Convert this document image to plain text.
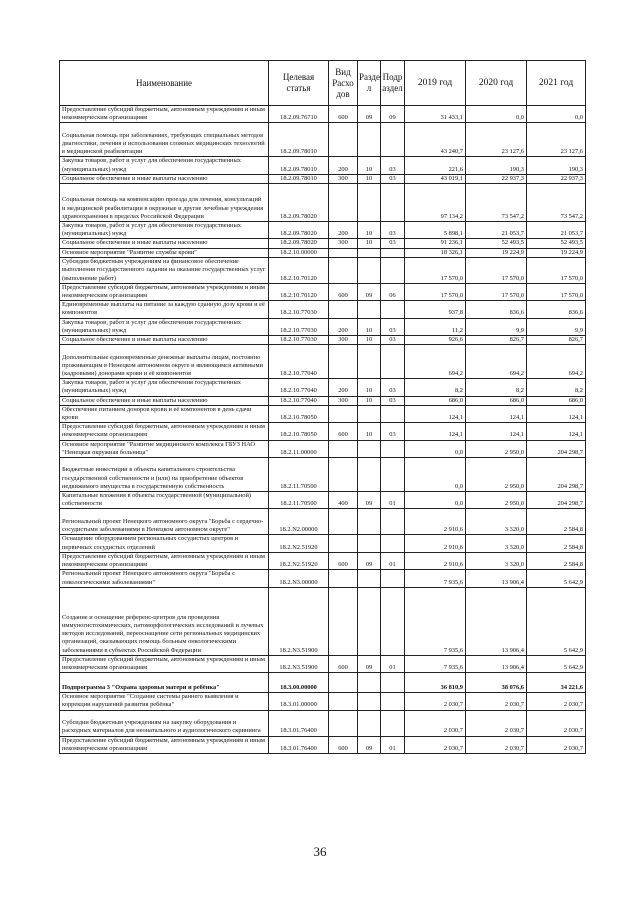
Наименование	Целевая статья	Вид Расхо дов	Разде л	Подр аздел	2019 год	2020 год	2021 год
Предоставление субсидий бюджетным, автономным учреждениям и иным некоммерческим организациям	18.2.09.76710	600	09	09	31 433,1	0,0	0,0
Социальная помощь при заболеваниях, требующих специальных методов диагностики, лечения и использования сложных медицинских технологий в медицинской реабилитации	18.2.09.78010				43 240,7	23 127,6	23 127,6
Закупка товаров, работ и услуг для обеспечения государственных (муниципальных) нужд	18.2.09.78010	200	10	03	221,6	190,3	190,3
Социальное обеспечение и иные выплаты населению	18.2.09.78010	300	10	03	43 019,1	22 937,3	22 937,3
Социальная помощь на компенсацию проезда для лечения, консультаций и медицинской реабилитации в окружные и другие лечебные учреждения здравоохранения в пределах Российской Федерации	18.2.09.78020				97 134,2	73 547,2	73 547,2
Закупка товаров, работ и услуг для обеспечения государственных (муниципальных) нужд	18.2.09.78020	200	10	03	5 898,1	21 053,7	21 053,7
Социальное обеспечение и иные выплаты населению	18.2.09.78020	300	10	03	91 236,1	52 493,5	52 493,5
Основное мероприятие "Развитие службы крови"	18.2.10.00000				18 326,1	19 224,9	19 224,9
Субсидии бюджетным учреждениям на финансовое обеспечение выполнения государственного задания на оказание государственных услуг (выполнение работ)	18.2.10.70120				17 570,0	17 570,0	17 570,0
Предоставление субсидий бюджетным, автономным учреждениям и иным некоммерческим организациям	18.2.10.70120	600	09	06	17 570,0	17 570,0	17 570,0
Единовременные выплаты на питание за каждую сданную дозу крови и её компонентов	18.2.10.77030				937,8	836,6	836,6
Закупка товаров, работ и услуг для обеспечения государственных (муниципальных) нужд	18.2.10.77030	200	10	03	11,2	9,9	9,9
Социальное обеспечение и иные выплаты населению	18.2.10.77030	300	10	03	926,6	826,7	826,7
Дополнительные единовременные денежные выплаты лицам, постоянно проживающим в Ненецком автономном округе и являющимся активными (кадровыми) донорами крови и её компонентов	18.2.10.77040				694,2	694,2	694,2
Закупка товаров, работ и услуг для обеспечения государственных (муниципальных) нужд	18.2.10.77040	200	10	03	8,2	8,2	8,2
Социальное обеспечение и иные выплаты населению	18.2.10.77040	300	10	03	686,0	686,0	686,0
Обеспечение питанием доноров крови и её компонентов в день сдачи крови	18.2.10.78050				124,1	124,1	124,1
Предоставление субсидий бюджетным, автономным учреждениям и иным некоммерческим организациям	18.2.10.78050	600	10	03	124,1	124,1	124,1
Основное мероприятие "Развитие медицинского комплекса ГБУЗ НАО "Ненецкая окружная больница"	18.2.11.00000				0,0	2 950,0	204 298,7
Бюджетные инвестиции в объекты капитального строительства государственной собственности и (или) на приобретение объектов недвижимого имущества в государственную собственность	18.2.11.70500				0,0	2 950,0	204 298,7
Капитальные вложения в объекты государственной (муниципальной) собственности	18.2.11.70500	400	09	01	0,0	2 950,0	204 298,7
Региональный проект Ненецкого автономного округа "Борьба с сердечно-сосудистыми заболеваниями в Ненецком автономном округе"	18.2.N2.00000				2 910,6	3 320,0	2 584,8
Оснащение оборудованием региональных сосудистых центров и первичных сосудистых отделений	18.2.N2.51920				2 910,6	3 320,0	2 584,8
Предоставление субсидий бюджетным, автономным учреждениям и иным некоммерческим организациям	18.2.N2.51920	600	09	01	2 910,6	3 320,0	2 584,8
Региональный проект Ненецкого автономного округа "Борьба с онкологическими заболеваниями"	18.2.N3.00000				7 935,6	13 906,4	5 642,9
Создание и оснащение референс-центров для проведения иммуногистохимических, патоморфологических исследований и лучевых методов исследований, переоснащение сети региональных медицинских организаций, оказывающих помощь больным онкологическими заболеваниями в субъектах Российской Федерации	18.2.N3.51900				7 935,6	13 906,4	5 642,9
Предоставление субсидий бюджетным, автономным учреждениям и иным некоммерческим организациям	18.2.N3.51900	600	09	01	7 935,6	13 906,4	5 642,9
Подпрограмма 3 "Охрана здоровья матери и ребёнка"	18.3.00.00000				36 810,9	38 076,6	34 221,6
Основное мероприятие "Создание системы раннего выявления и коррекции нарушений развития ребёнка"	18.3.01.00000				2 030,7	2 030,7	2 030,7
Субсидии бюджетным учреждениям на закупку оборудования и расходных материалов для неонатального и аудиологического скрининга	18.3.01.76400				2 030,7	2 030,7	2 030,7
Предоставление субсидий бюджетным, автономным учреждениям и иным некоммерческим организациям	18.3.01.76400	600	09	01	2 030,7	2 030,7	2 030,7
36
